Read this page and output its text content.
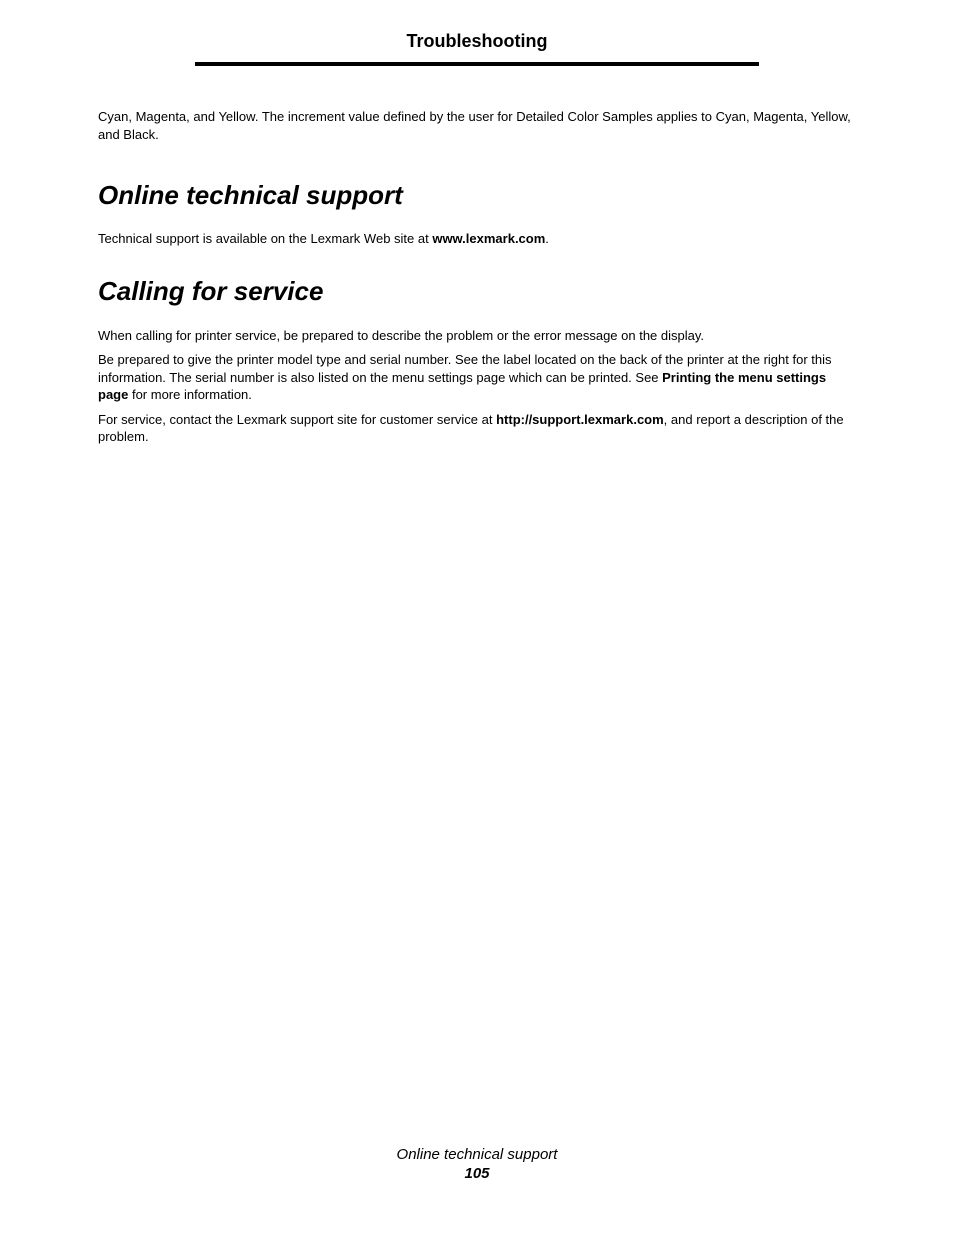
Troubleshooting

Cyan, Magenta, and Yellow. The increment value defined by the user for Detailed Color Samples applies to Cyan, Magenta, Yellow, and Black.

Online technical support

Technical support is available on the Lexmark Web site at www.lexmark.com.

Calling for service

When calling for printer service, be prepared to describe the problem or the error message on the display.

Be prepared to give the printer model type and serial number. See the label located on the back of the printer at the right for this information. The serial number is also listed on the menu settings page which can be printed. See Printing the menu settings page for more information.

For service, contact the Lexmark support site for customer service at http://support.lexmark.com, and report a description of the problem.

Online technical support
105
